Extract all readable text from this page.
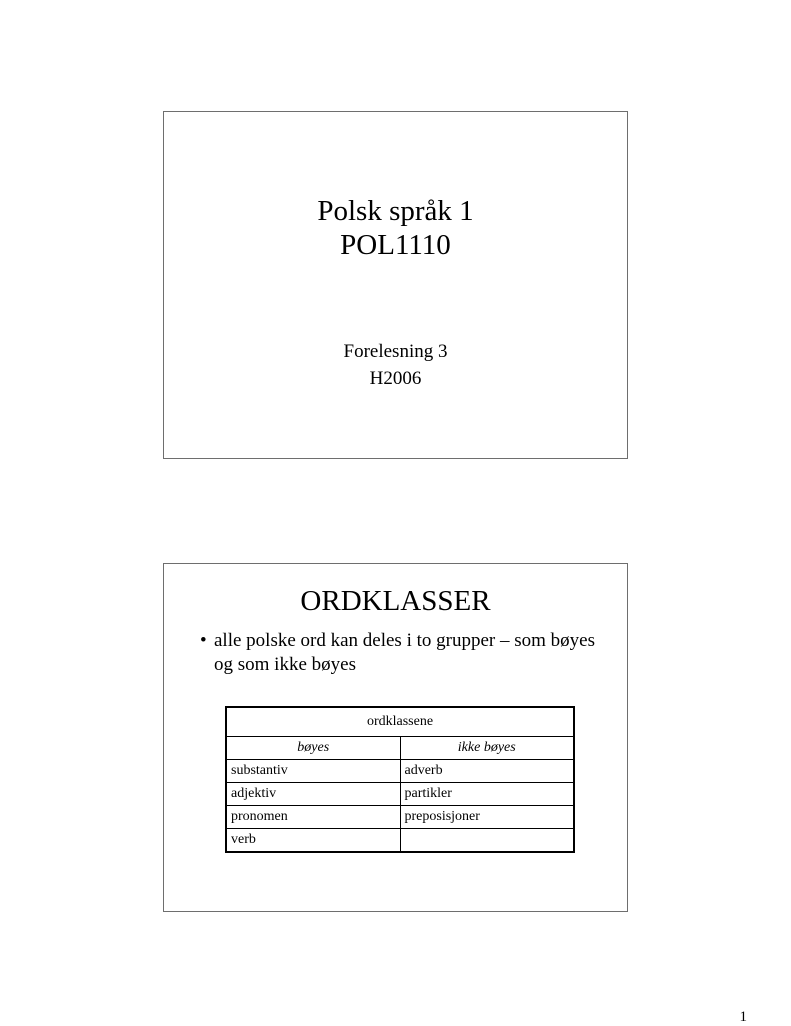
Polsk språk 1
POL1110
Forelesning 3
H2006
ORDKLASSER
• alle polske ord kan deles i to grupper – som bøyes og som ikke bøyes
ordklassene	
bøyes	ikke bøyes
substantiv	adverb
adjektiv	partikler
pronomen	preposisjoner
verb	
1
